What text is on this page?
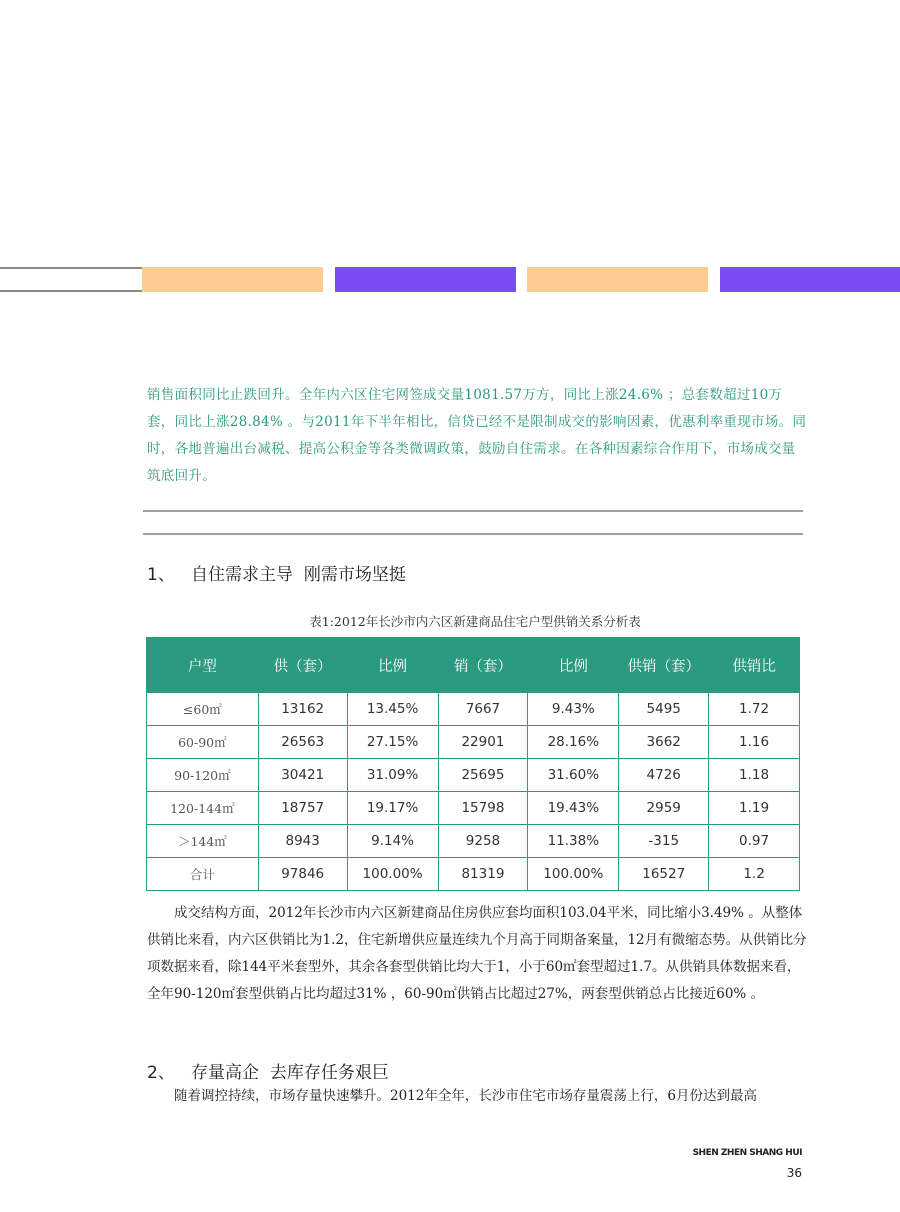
销售面积同比止跌回升。全年内六区住宅网签成交量1081.57万方，同比上涨24.6% ；总套数超过10万套，同比上涨28.84% 。与2011年下半年相比，信贷已经不是限制成交的影响因素，优惠利率重现市场。同时，各地普遍出台减税、提高公积金等各类微调政策，鼓励自住需求。在各种因素综合作用下，市场成交量筑底回升。
1、   自住需求主导  刚需市场坚挺
表1:2012年长沙市内六区新建商品住宅户型供销关系分析表
户型	供（套）	比例	销（套）	比例	供销（套）	供销比
≤60㎡	13162	13.45%	7667	9.43%	5495	1.72
60-90㎡	26563	27.15%	22901	28.16%	3662	1.16
90-120㎡	30421	31.09%	25695	31.60%	4726	1.18
120-144㎡	18757	19.17%	15798	19.43%	2959	1.19
＞144㎡	8943	9.14%	9258	11.38%	-315	0.97
合计	97846	100.00%	81319	100.00%	16527	1.2
　　成交结构方面，2012年长沙市内六区新建商品住房供应套均面积103.04平米，同比缩小3.49% 。从整体供销比来看，内六区供销比为1.2，住宅新增供应量连续九个月高于同期备案量，12月有微缩态势。从供销比分项数据来看，除144平米套型外，其余各套型供销比均大于1，小于60㎡套型超过1.7。从供销具体数据来看，全年90-120㎡套型供销占比均超过31% ，60-90㎡供销占比超过27%，两套型供销总占比接近60% 。
2、   存量高企  去库存任务艰巨
　　随着调控持续，市场存量快速攀升。2012年全年，长沙市住宅市场存量震荡上行，6月份达到最高
SHEN ZHEN SHANG HUI
36
